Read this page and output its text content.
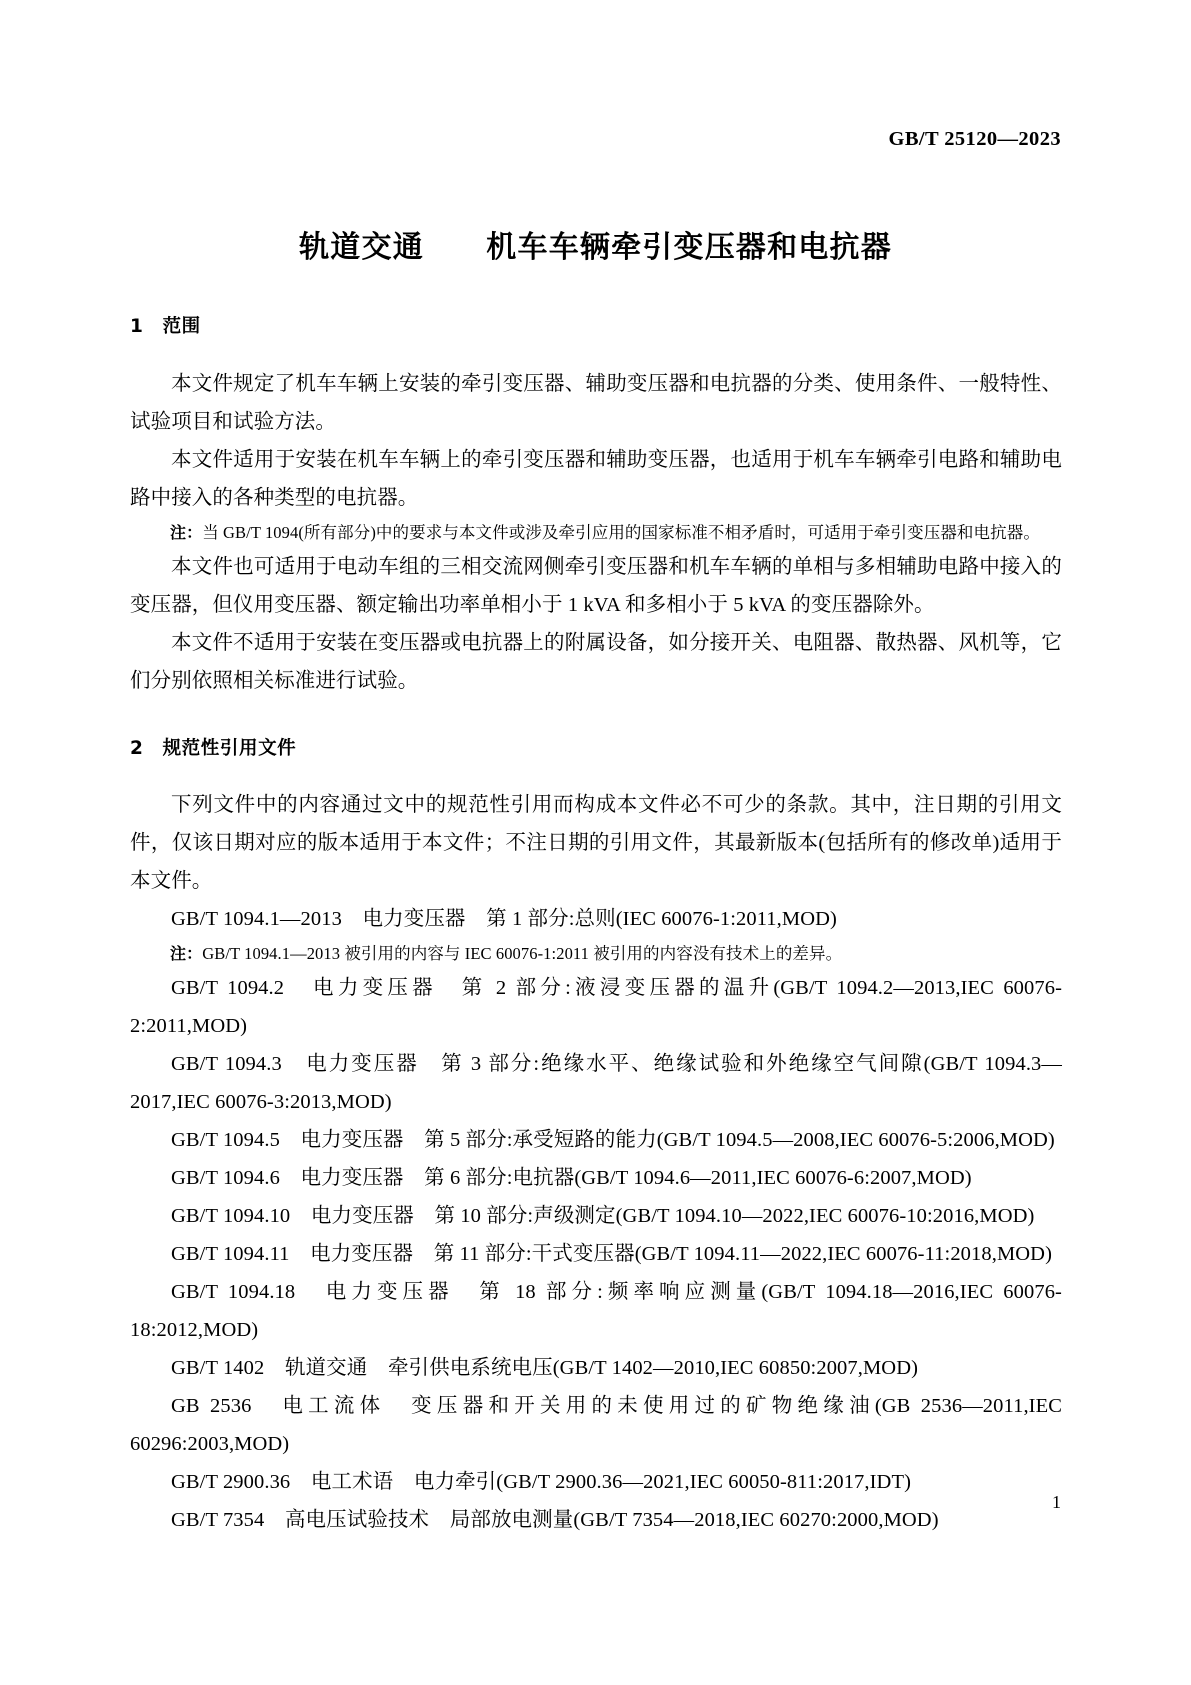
GB/T 25120—2023
轨道交通　　机车车辆牵引变压器和电抗器
1　范围

本文件规定了机车车辆上安装的牵引变压器、辅助变压器和电抗器的分类、使用条件、一般特性、试验项目和试验方法。

本文件适用于安装在机车车辆上的牵引变压器和辅助变压器，也适用于机车车辆牵引电路和辅助电路中接入的各种类型的电抗器。

注：当 GB/T 1094(所有部分)中的要求与本文件或涉及牵引应用的国家标准不相矛盾时，可适用于牵引变压器和电抗器。

本文件也可适用于电动车组的三相交流网侧牵引变压器和机车车辆的单相与多相辅助电路中接入的变压器，但仪用变压器、额定输出功率单相小于 1 kVA 和多相小于 5 kVA 的变压器除外。

本文件不适用于安装在变压器或电抗器上的附属设备，如分接开关、电阻器、散热器、风机等，它们分别依照相关标准进行试验。

2　规范性引用文件

下列文件中的内容通过文中的规范性引用而构成本文件必不可少的条款。其中，注日期的引用文件，仅该日期对应的版本适用于本文件；不注日期的引用文件，其最新版本(包括所有的修改单)适用于本文件。

GB/T 1094.1—2013　电力变压器　第 1 部分:总则(IEC 60076-1:2011,MOD)

注：GB/T 1094.1—2013 被引用的内容与 IEC 60076-1:2011 被引用的内容没有技术上的差异。

GB/T 1094.2　电力变压器　第 2 部分:液浸变压器的温升(GB/T 1094.2—2013,IEC 60076-2:2011,MOD)

GB/T 1094.3　电力变压器　第 3 部分:绝缘水平、绝缘试验和外绝缘空气间隙(GB/T 1094.3—2017,IEC 60076-3:2013,MOD)

GB/T 1094.5　电力变压器　第 5 部分:承受短路的能力(GB/T 1094.5—2008,IEC 60076-5:2006,MOD)

GB/T 1094.6　电力变压器　第 6 部分:电抗器(GB/T 1094.6—2011,IEC 60076-6:2007,MOD)

GB/T 1094.10　电力变压器　第 10 部分:声级测定(GB/T 1094.10—2022,IEC 60076-10:2016,MOD)

GB/T 1094.11　电力变压器　第 11 部分:干式变压器(GB/T 1094.11—2022,IEC 60076-11:2018,MOD)

GB/T 1094.18　电力变压器　第 18 部分:频率响应测量(GB/T 1094.18—2016,IEC 60076-18:2012,MOD)

GB/T 1402　轨道交通　牵引供电系统电压(GB/T 1402—2010,IEC 60850:2007,MOD)

GB 2536　电工流体　变压器和开关用的未使用过的矿物绝缘油(GB 2536—2011,IEC 60296:2003,MOD)

GB/T 2900.36　电工术语　电力牵引(GB/T 2900.36—2021,IEC 60050-811:2017,IDT)

GB/T 7354　高电压试验技术　局部放电测量(GB/T 7354—2018,IEC 60270:2000,MOD)

1
